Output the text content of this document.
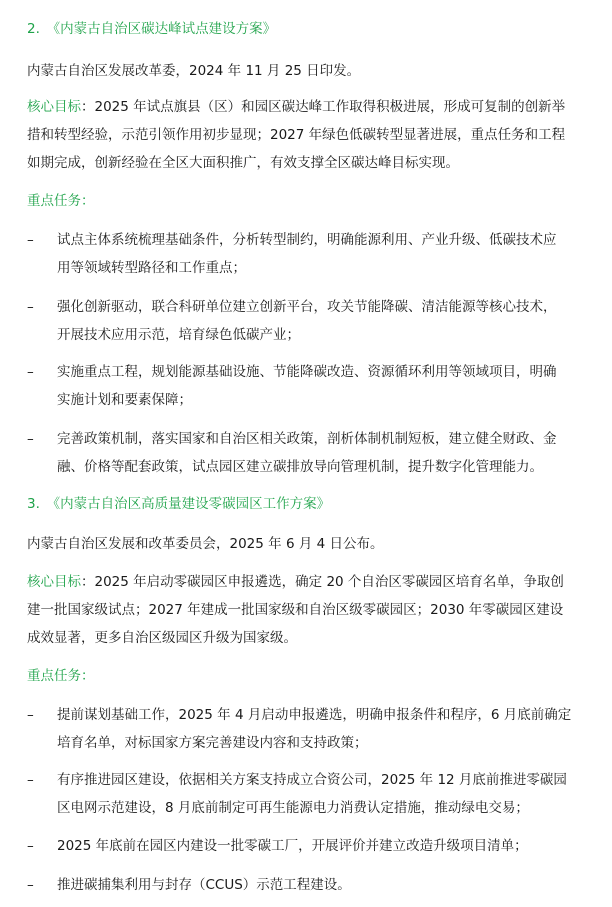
2.　《内蒙古自治区碳达峰试点建设方案》
内蒙古自治区发展改革委，2024 年 11 月 25 日印发。
核心目标：2025 年试点旗县（区）和园区碳达峰工作取得积极进展，形成可复制的创新举
措和转型经验，示范引领作用初步显现；2027 年绿色低碳转型显著进展，重点任务和工程
如期完成，创新经验在全区大面积推广，有效支撑全区碳达峰目标实现。
重点任务：
– 试点主体系统梳理基础条件，分析转型制约，明确能源利用、产业升级、低碳技术应
用等领域转型路径和工作重点；
– 强化创新驱动，联合科研单位建立创新平台，攻关节能降碳、清洁能源等核心技术，
开展技术应用示范，培育绿色低碳产业；
– 实施重点工程，规划能源基础设施、节能降碳改造、资源循环利用等领域项目，明确
实施计划和要素保障；
– 完善政策机制，落实国家和自治区相关政策，剖析体制机制短板，建立健全财政、金
融、价格等配套政策，试点园区建立碳排放导向管理机制，提升数字化管理能力。
3.　《内蒙古自治区高质量建设零碳园区工作方案》
内蒙古自治区发展和改革委员会，2025 年 6 月 4 日公布。
核心目标：2025 年启动零碳园区申报遴选，确定 20 个自治区零碳园区培育名单，争取创
建一批国家级试点；2027 年建成一批国家级和自治区级零碳园区；2030 年零碳园区建设
成效显著，更多自治区级园区升级为国家级。
重点任务：
– 提前谋划基础工作，2025 年 4 月启动申报遴选，明确申报条件和程序，6 月底前确定
培育名单，对标国家方案完善建设内容和支持政策；
– 有序推进园区建设，依据相关方案支持成立合资公司，2025 年 12 月底前推进零碳园
区电网示范建设，8 月底前制定可再生能源电力消费认定措施，推动绿电交易；
– 2025 年底前在园区内建设一批零碳工厂，开展评价并建立改造升级项目清单；
– 推进碳捕集利用与封存（CCUS）示范工程建设。
